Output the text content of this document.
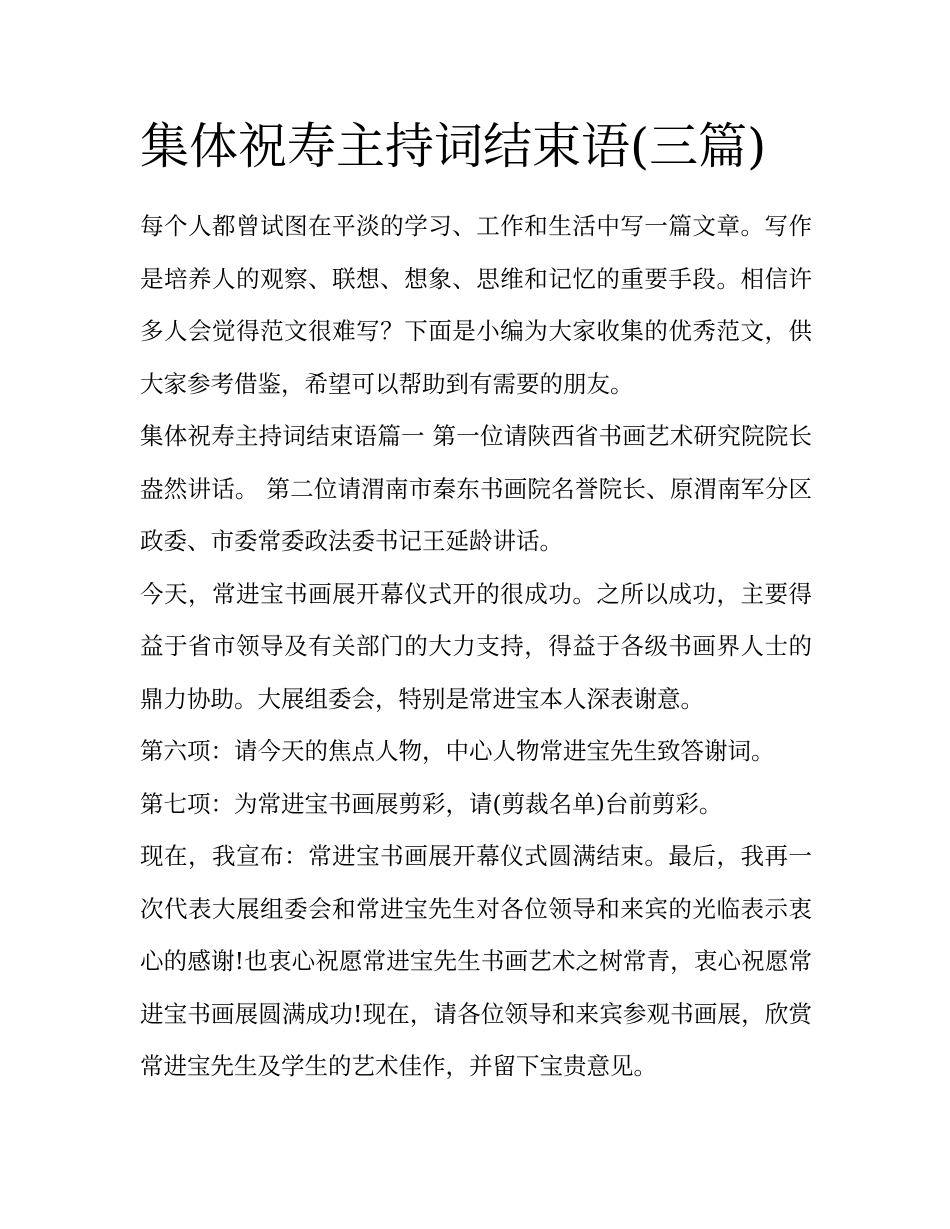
集体祝寿主持词结束语(三篇)

每个人都曾试图在平淡的学习、工作和生活中写一篇文章。写作是培养人的观察、联想、想象、思维和记忆的重要手段。相信许多人会觉得范文很难写？下面是小编为大家收集的优秀范文，供大家参考借鉴，希望可以帮助到有需要的朋友。

集体祝寿主持词结束语篇一 第一位请陕西省书画艺术研究院院长盎然讲话。 第二位请渭南市秦东书画院名誉院长、原渭南军分区政委、市委常委政法委书记王延龄讲话。

今天，常进宝书画展开幕仪式开的很成功。之所以成功，主要得益于省市领导及有关部门的大力支持，得益于各级书画界人士的鼎力协助。大展组委会，特别是常进宝本人深表谢意。

第六项：请今天的焦点人物，中心人物常进宝先生致答谢词。

第七项：为常进宝书画展剪彩，请(剪裁名单)台前剪彩。

现在，我宣布：常进宝书画展开幕仪式圆满结束。最后，我再一次代表大展组委会和常进宝先生对各位领导和来宾的光临表示衷心的感谢!也衷心祝愿常进宝先生书画艺术之树常青，衷心祝愿常进宝书画展圆满成功!现在，请各位领导和来宾参观书画展，欣赏常进宝先生及学生的艺术佳作，并留下宝贵意见。
